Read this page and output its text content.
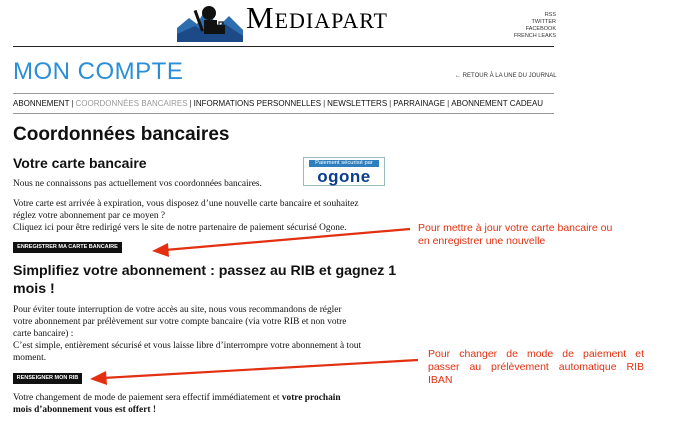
Mediapart	RSS
TWITTER
FACEBOOK
FRENCH LEAKS
MON COMPTE	← RETOUR À LA UNE DU JOURNAL
ABONNEMENT | COORDONNÉES BANCAIRES | INFORMATIONS PERSONNELLES | NEWSLETTERS | PARRAINAGE | ABONNEMENT CADEAU
Coordonnées bancaires
Votre carte bancaire	Paiement sécurisé par
ogone
Nous ne connaissons pas actuellement vos coordonnées bancaires.
Votre carte est arrivée à expiration, vous disposez d’une nouvelle carte bancaire et souhaitez
réglez votre abonnement par ce moyen ?
Cliquez ici pour être redirigé vers le site de notre partenaire de paiement sécurisé Ogone.
ENREGISTRER MA CARTE BANCAIRE
Simplifiez votre abonnement : passez au RIB et gagnez 1
mois !
Pour éviter toute interruption de votre accès au site, nous vous recommandons de régler
votre abonnement par prélèvement sur votre compte bancaire (via votre RIB et non votre
carte bancaire) :
C’est simple, entièrement sécurisé et vous laisse libre d’interrompre votre abonnement à tout
moment.
RENSEIGNER MON RIB
Votre changement de mode de paiement sera effectif immédiatement et votre prochain
mois d’abonnement vous est offert !
Pour mettre à jour votre carte bancaire ou
en enregistrer une nouvelle
Pour changer de mode de paiement et
passer au prélèvement automatique RIB
IBAN
